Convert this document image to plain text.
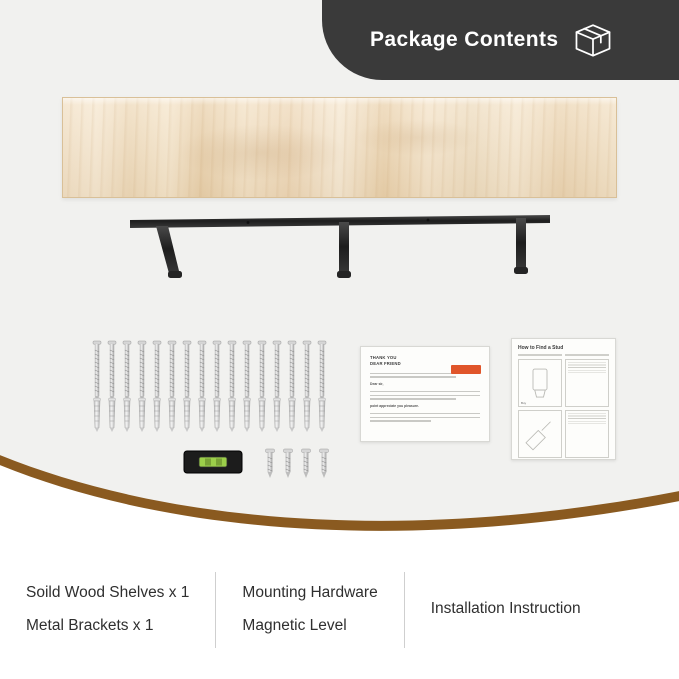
Package Contents
THANK YOU
DEAR FRIEND
Dear sir,
point appreciate you pleasure.
How to Find a Stud
Buy
Soild Wood Shelves x 1
Metal Brackets x 1
Mounting Hardware
Magnetic Level
Installation Instruction
